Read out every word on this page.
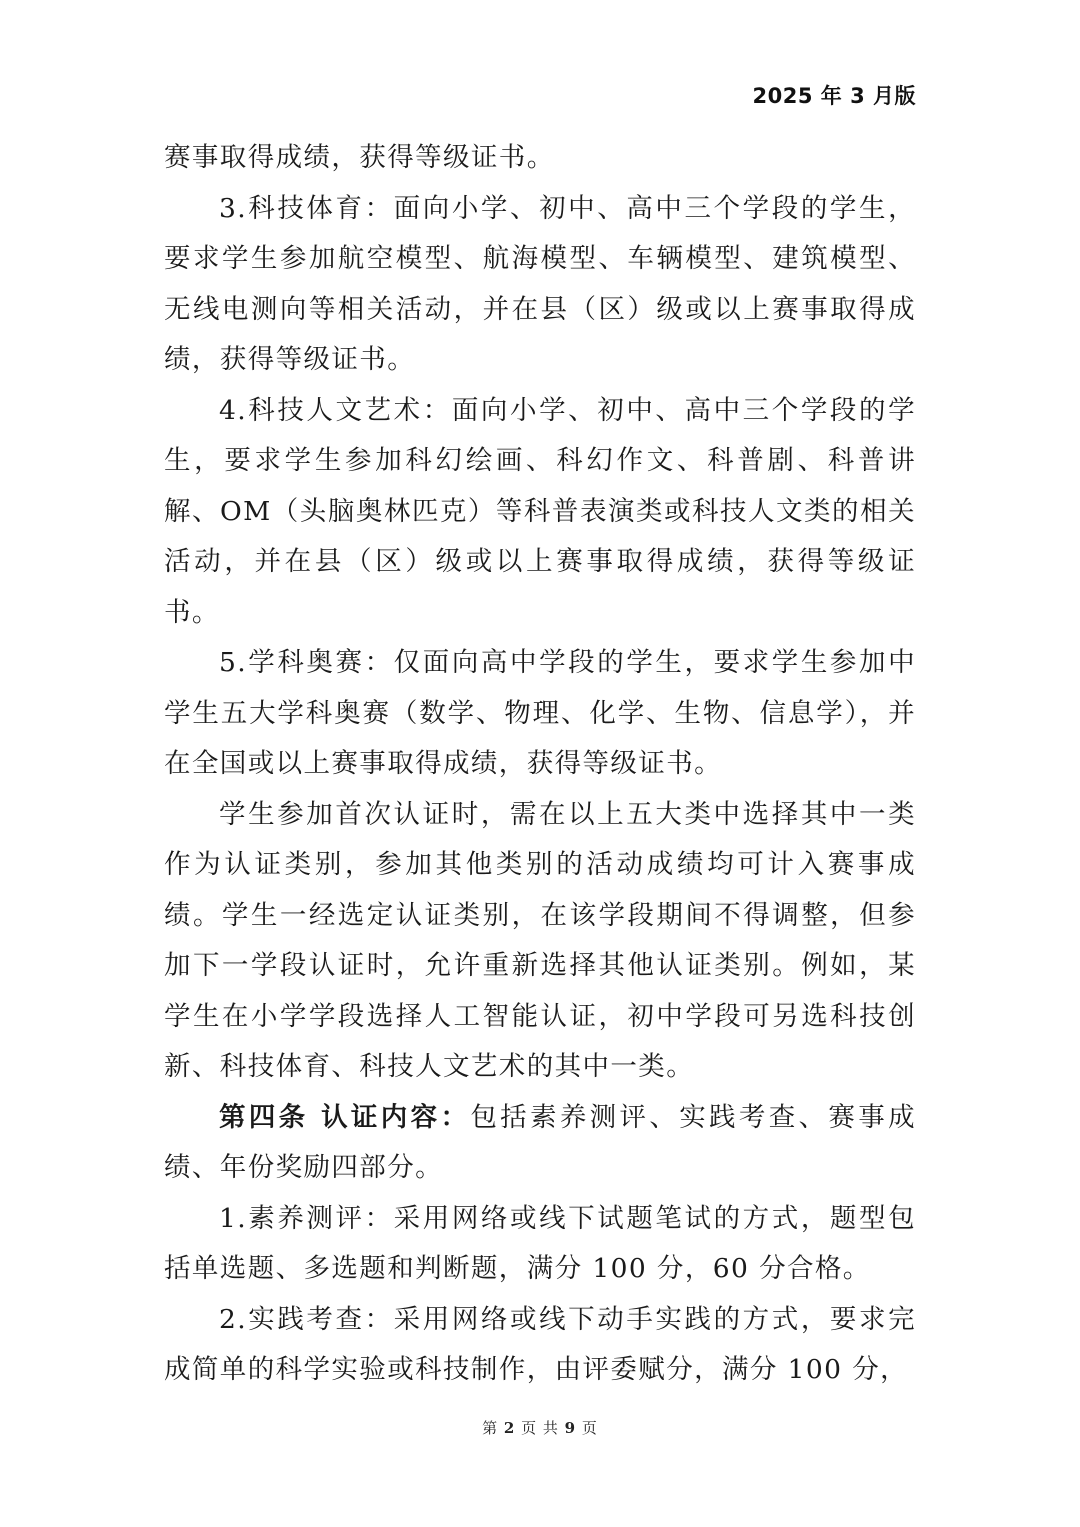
2025 年 3 月版

赛事取得成绩，获得等级证书。

3.科技体育：面向小学、初中、高中三个学段的学生，要求学生参加航空模型、航海模型、车辆模型、建筑模型、无线电测向等相关活动，并在县（区）级或以上赛事取得成绩，获得等级证书。

4.科技人文艺术：面向小学、初中、高中三个学段的学生，要求学生参加科幻绘画、科幻作文、科普剧、科普讲解、OM（头脑奥林匹克）等科普表演类或科技人文类的相关活动，并在县（区）级或以上赛事取得成绩，获得等级证书。

5.学科奥赛：仅面向高中学段的学生，要求学生参加中学生五大学科奥赛（数学、物理、化学、生物、信息学），并在全国或以上赛事取得成绩，获得等级证书。

学生参加首次认证时，需在以上五大类中选择其中一类作为认证类别，参加其他类别的活动成绩均可计入赛事成绩。学生一经选定认证类别，在该学段期间不得调整，但参加下一学段认证时，允许重新选择其他认证类别。例如，某学生在小学学段选择人工智能认证，初中学段可另选科技创新、科技体育、科技人文艺术的其中一类。

第四条 认证内容：包括素养测评、实践考查、赛事成绩、年份奖励四部分。

1.素养测评：采用网络或线下试题笔试的方式，题型包括单选题、多选题和判断题，满分 100 分，60 分合格。

2.实践考查：采用网络或线下动手实践的方式，要求完成简单的科学实验或科技制作，由评委赋分，满分 100 分，

第 2 页 共 9 页
